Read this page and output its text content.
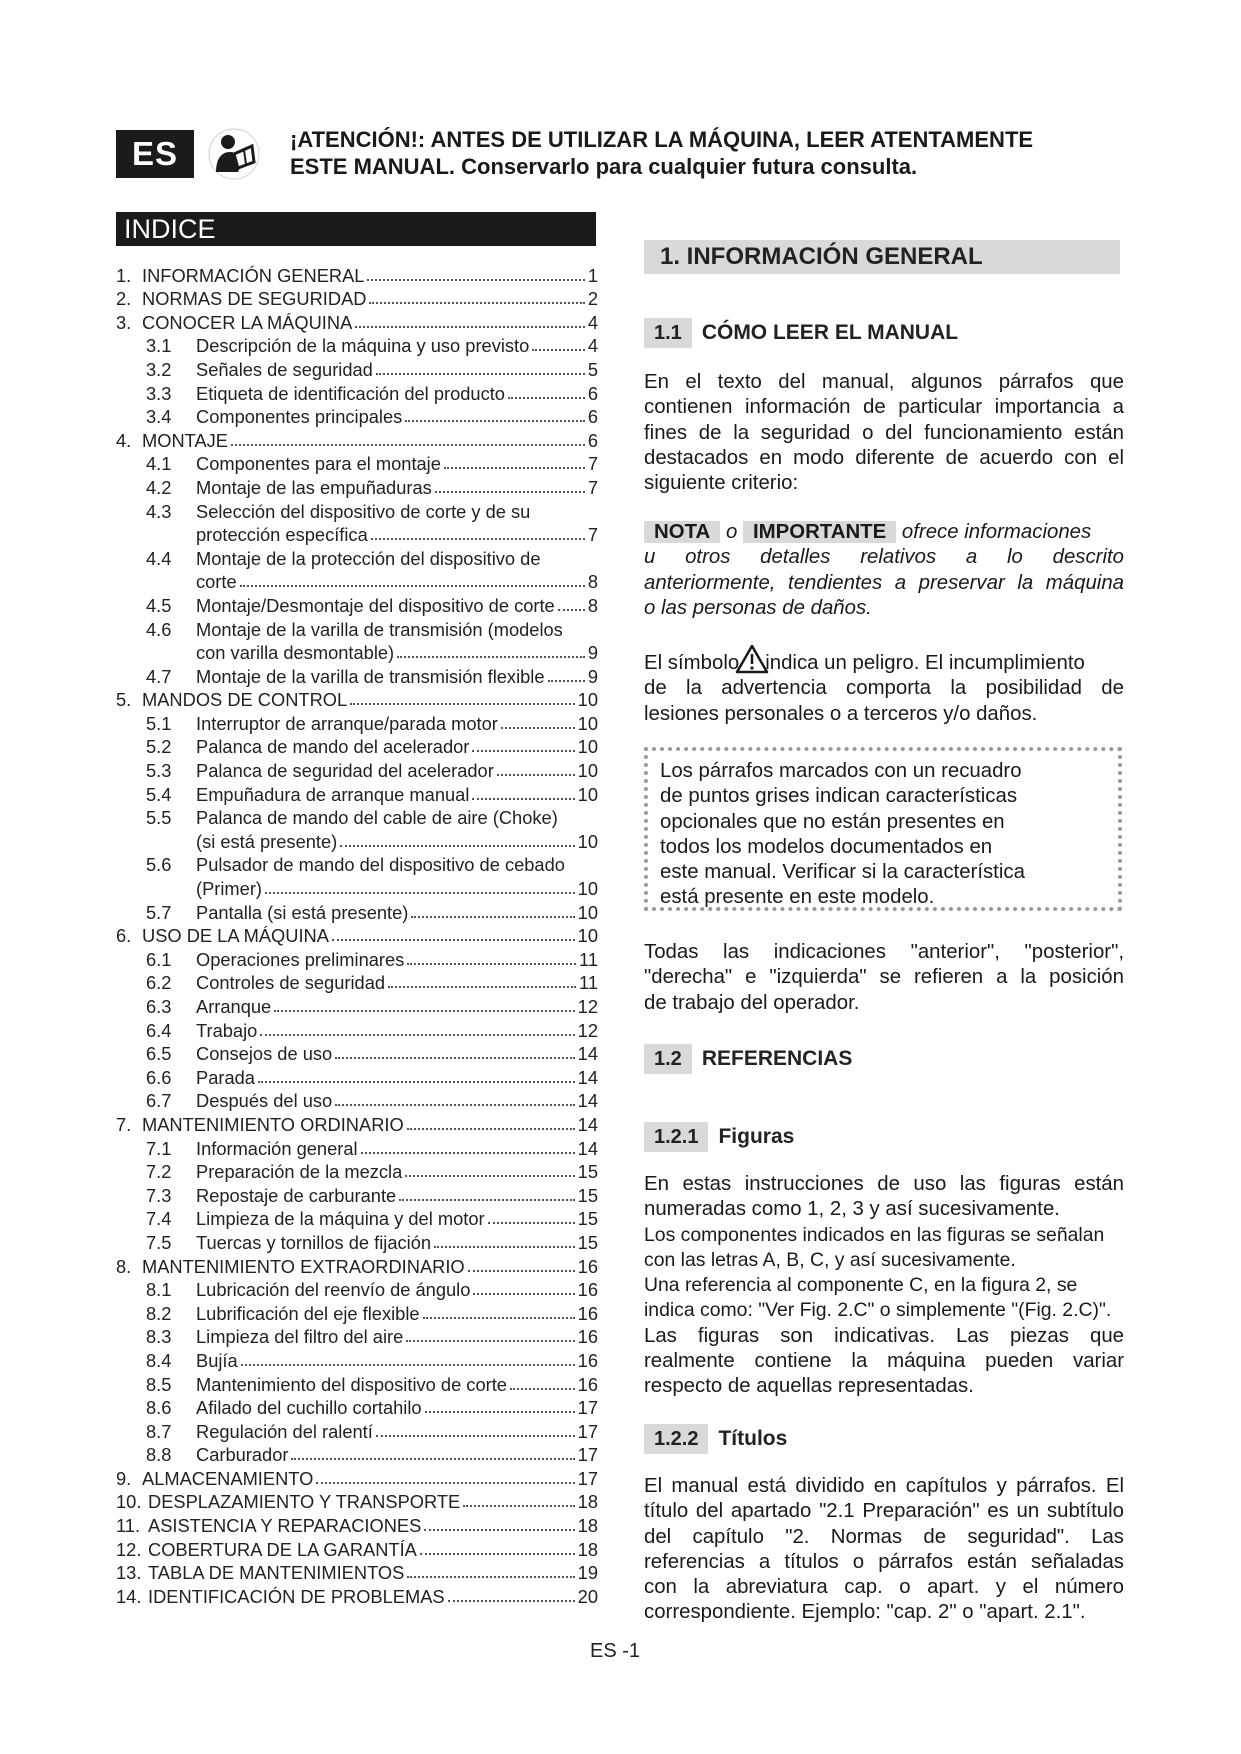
ES	¡ATENCIÓN!: ANTES DE UTILIZAR LA MÁQUINA, LEER ATENTAMENTE
ESTE MANUAL. Conservarlo para cualquier futura consulta.
INDICE
1. INFORMACIÓN GENERAL	1
2. NORMAS DE SEGURIDAD	2
3. CONOCER LA MÁQUINA	4
3.1	Descripción de la máquina y uso previsto	4
3.2	Señales de seguridad	5
3.3	Etiqueta de identificación del producto	6
3.4	Componentes principales	6
4. MONTAJE	6
4.1	Componentes para el montaje	7
4.2	Montaje de las empuñaduras	7
4.3	Selección del dispositivo de corte y de su
protección específica	7
4.4	Montaje de la protección del dispositivo de
corte	8
4.5	Montaje/Desmontaje del dispositivo de corte 8
4.6	Montaje de la varilla de transmisión (modelos
con varilla desmontable)	9
4.7	Montaje de la varilla de transmisión flexible 9
5. MANDOS DE CONTROL	10
5.1	Interruptor de arranque/parada motor	10
5.2	Palanca de mando del acelerador	10
5.3	Palanca de seguridad del acelerador	10
5.4	Empuñadura de arranque manual	10
5.5	Palanca de mando del cable de aire (Choke)
(si está presente)	10
5.6	Pulsador de mando del dispositivo de cebado
(Primer)	10
5.7	Pantalla (si está presente)	10
6. USO DE LA MÁQUINA	10
6.1	Operaciones preliminares	11
6.2	Controles de seguridad	11
6.3	Arranque	12
6.4	Trabajo	12
6.5	Consejos de uso	14
6.6	Parada	14
6.7	Después del uso	14
7. MANTENIMIENTO ORDINARIO	14
7.1	Información general	14
7.2	Preparación de la mezcla	15
7.3	Repostaje de carburante	15
7.4	Limpieza de la máquina y del motor	15
7.5	Tuercas y tornillos de fijación	15
8. MANTENIMIENTO EXTRAORDINARIO	16
8.1	Lubricación del reenvío de ángulo	16
8.2	Lubrificación del eje flexible	16
8.3	Limpieza del filtro del aire	16
8.4	Bujía	16
8.5	Mantenimiento del dispositivo de corte	16
8.6	Afilado del cuchillo cortahilo	17
8.7	Regulación del ralentí	17
8.8	Carburador	17
9. ALMACENAMIENTO	17
10. DESPLAZAMIENTO Y TRANSPORTE	18
11. ASISTENCIA Y REPARACIONES	18
12. COBERTURA DE LA GARANTÍA	18
13. TABLA DE MANTENIMIENTOS	19
14. IDENTIFICACIÓN DE PROBLEMAS	20
1. INFORMACIÓN GENERAL
1.1 CÓMO LEER EL MANUAL
En el texto del manual, algunos párrafos que
contienen información de particular importancia a
fines de la seguridad o del funcionamiento están
destacados en modo diferente de acuerdo con el
siguiente criterio:
NOTA o IMPORTANTE ofrece informaciones
u otros detalles relativos a lo descrito
anteriormente, tendientes a preservar la máquina
o las personas de daños.
El símbolo indica un peligro. El incumplimiento
de la advertencia comporta la posibilidad de
lesiones personales o a terceros y/o daños.
Los párrafos marcados con un recuadro
de puntos grises indican características
opcionales que no están presentes en
todos los modelos documentados en
este manual. Verificar si la característica
está presente en este modelo.
Todas las indicaciones "anterior", "posterior",
"derecha" e "izquierda" se refieren a la posición
de trabajo del operador.
1.2 REFERENCIAS
1.2.1 Figuras
En estas instrucciones de uso las figuras están
numeradas como 1, 2, 3 y así sucesivamente.
Los componentes indicados en las figuras se señalan
con las letras A, B, C, y así sucesivamente.
Una referencia al componente C, en la figura 2, se
indica como: "Ver Fig. 2.C" o simplemente "(Fig. 2.C)".
Las figuras son indicativas. Las piezas que
realmente contiene la máquina pueden variar
respecto de aquellas representadas.
1.2.2 Títulos
El manual está dividido en capítulos y párrafos. El
título del apartado "2.1 Preparación" es un subtítulo
del capítulo "2. Normas de seguridad". Las
referencias a títulos o párrafos están señaladas
con la abreviatura cap. o apart. y el número
correspondiente. Ejemplo: "cap. 2" o "apart. 2.1".
ES -1
